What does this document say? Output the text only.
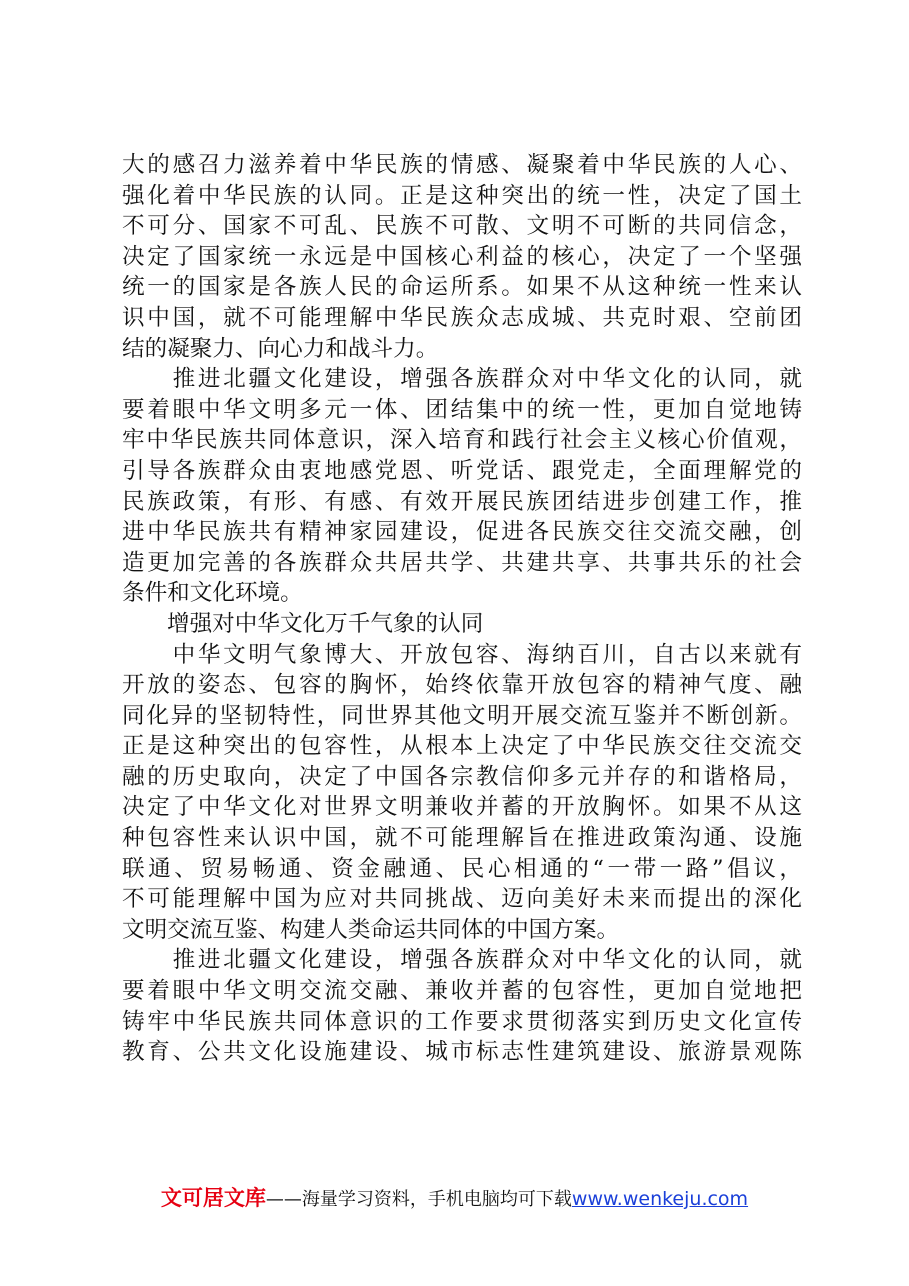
大的感召力滋养着中华民族的情感、凝聚着中华民族的人心、
强化着中华民族的认同。正是这种突出的统一性，决定了国土
不可分、国家不可乱、民族不可散、文明不可断的共同信念，
决定了国家统一永远是中国核心利益的核心，决定了一个坚强
统一的国家是各族人民的命运所系。如果不从这种统一性来认
识中国，就不可能理解中华民族众志成城、共克时艰、空前团
结的凝聚力、向心力和战斗力。
　　推进北疆文化建设，增强各族群众对中华文化的认同，就
要着眼中华文明多元一体、团结集中的统一性，更加自觉地铸
牢中华民族共同体意识，深入培育和践行社会主义核心价值观，
引导各族群众由衷地感党恩、听党话、跟党走，全面理解党的
民族政策，有形、有感、有效开展民族团结进步创建工作，推
进中华民族共有精神家园建设，促进各民族交往交流交融，创
造更加完善的各族群众共居共学、共建共享、共事共乐的社会
条件和文化环境。
增强对中华文化万千气象的认同
　　中华文明气象博大、开放包容、海纳百川，自古以来就有
开放的姿态、包容的胸怀，始终依靠开放包容的精神气度、融
同化异的坚韧特性，同世界其他文明开展交流互鉴并不断创新。
正是这种突出的包容性，从根本上决定了中华民族交往交流交
融的历史取向，决定了中国各宗教信仰多元并存的和谐格局，
决定了中华文化对世界文明兼收并蓄的开放胸怀。如果不从这
种包容性来认识中国，就不可能理解旨在推进政策沟通、设施
联通、贸易畅通、资金融通、民心相通的“一带一路”倡议，
不可能理解中国为应对共同挑战、迈向美好未来而提出的深化
文明交流互鉴、构建人类命运共同体的中国方案。
　　推进北疆文化建设，增强各族群众对中华文化的认同，就
要着眼中华文明交流交融、兼收并蓄的包容性，更加自觉地把
铸牢中华民族共同体意识的工作要求贯彻落实到历史文化宣传
教育、公共文化设施建设、城市标志性建筑建设、旅游景观陈
文可居文库——海量学习资料，手机电脑均可下载www.wenkeju.com
